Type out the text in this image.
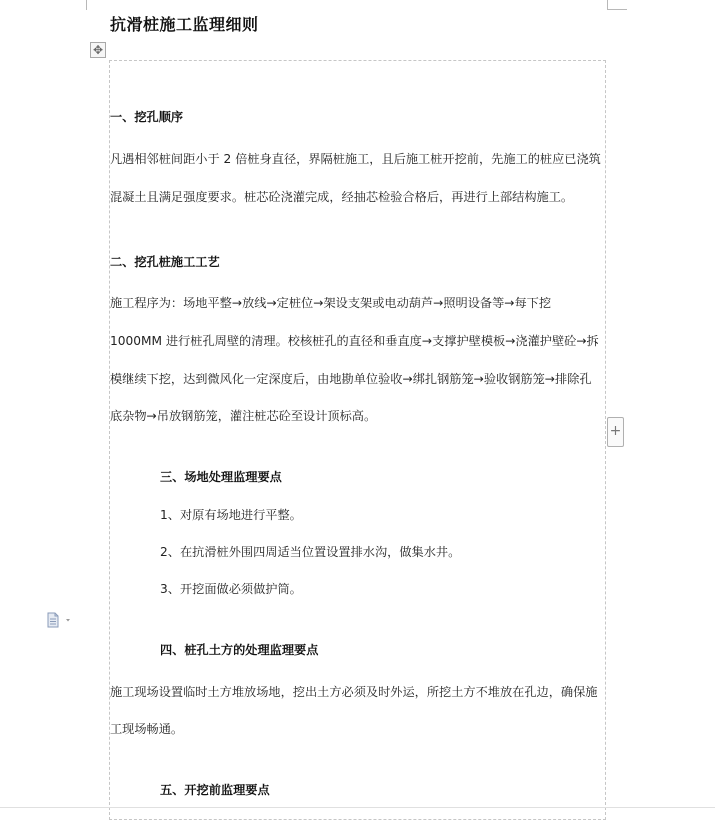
抗滑桩施工监理细则
✥
一、挖孔顺序
凡遇相邻桩间距小于 2 倍桩身直径，界隔桩施工，且后施工桩开挖前，先施工的桩应已浇筑
混凝土且满足强度要求。桩芯砼浇灌完成，经抽芯检验合格后，再进行上部结构施工。
二、挖孔桩施工工艺
施工程序为：场地平整→放线→定桩位→架设支架或电动葫芦→照明设备等→每下挖
1000MM 进行桩孔周壁的清理。校核桩孔的直径和垂直度→支撑护壁模板→浇灌护壁砼→拆
模继续下挖，达到微风化一定深度后，由地勘单位验收→绑扎钢筋笼→验收钢筋笼→排除孔
底杂物→吊放钢筋笼，灌注桩芯砼至设计顶标高。
三、场地处理监理要点
1、对原有场地进行平整。
2、在抗滑桩外围四周适当位置设置排水沟，做集水井。
3、开挖面做必须做护筒。
四、桩孔土方的处理监理要点
施工现场设置临时土方堆放场地，挖出土方必须及时外运，所挖土方不堆放在孔边，确保施
工现场畅通。
五、开挖前监理要点
+
